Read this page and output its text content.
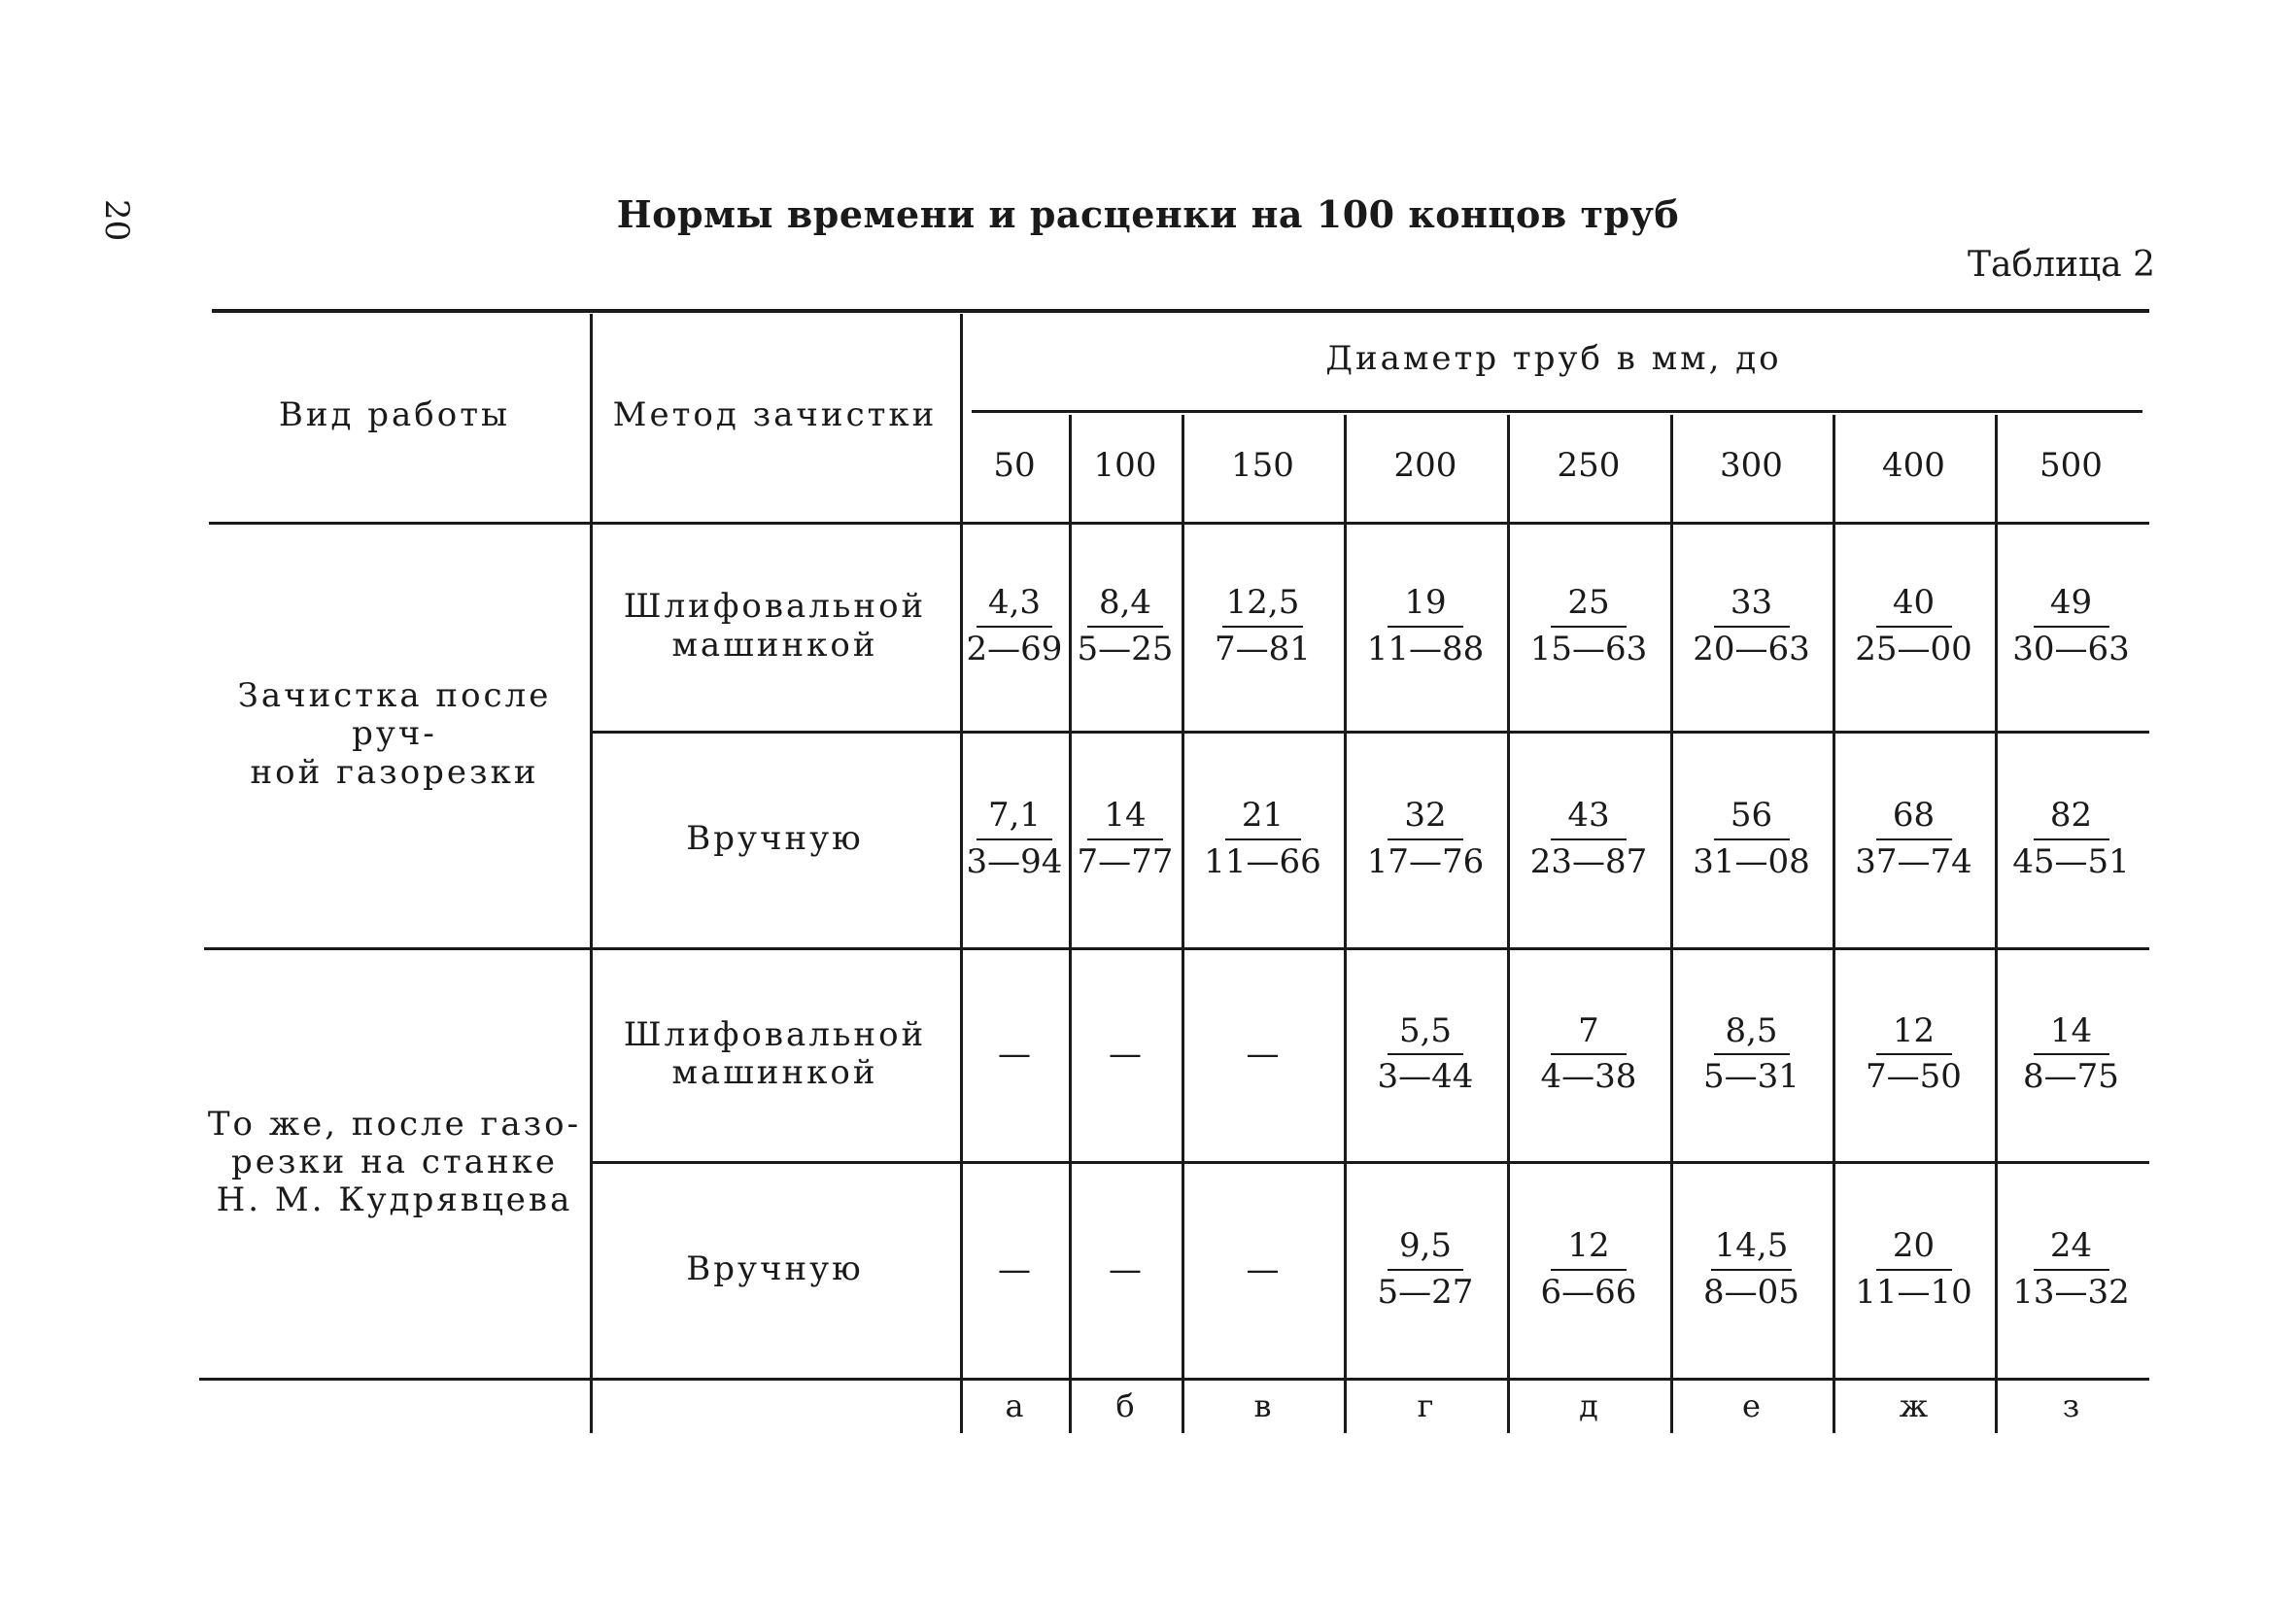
20	Нормы времени и расценки на 100 концов труб
Таблица 2
Вид работы	Метод зачистки
Диаметр труб в мм, до
50	100	150	200	250	300	400	500
Зачистка после руч-
ной газорезки
Шлифовальной
машинкой $\frac{4,3}{2—69} \frac{8,4}{5—25} \frac{12,5}{7—81} \frac{19}{11—88} \frac{25}{15—63} \frac{33}{20—63} \frac{40}{25—00} \frac{49}{30—63}$
Вручную	$\frac{7,1}{3—94} \frac{14}{7—77} \frac{21}{11—66} \frac{32}{17—76} \frac{43}{23—87} \frac{56}{31—08} \frac{68}{37—74} \frac{82}{45—51}$
То же, после газо-
резки на станке
Н. М. Кудрявцева
Шлифовальной
машинкой	—	—	—	$\frac{5,5}{3—44} \frac{7}{4—38} \frac{8,5}{5—31} \frac{12}{7—50} \frac{14}{8—75}$
Вручную	—	—	—	$\frac{9,5}{5—27} \frac{12}{6—66} \frac{14,5}{8—05} \frac{20}{11—10} \frac{24}{13—32}$
а	б	в	г	д	е	ж	з
